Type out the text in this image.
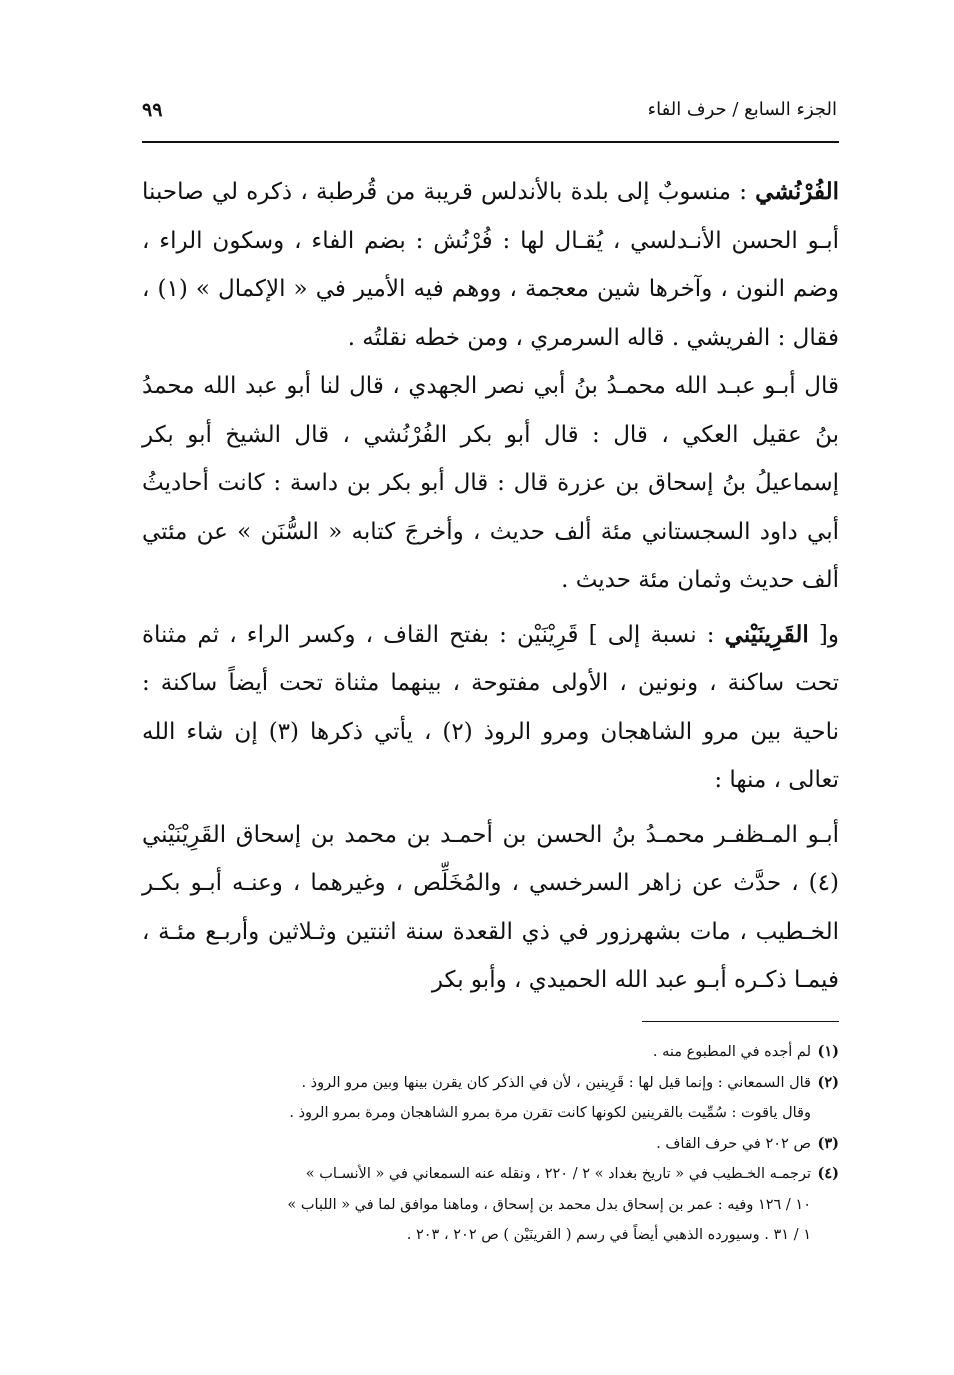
الجزء السابع / حرف الفاء
٩٩

الفُرْنُشي : منسوبٌ إلى بلدة بالأندلس قريبة من قُرطبة ، ذكره لي صاحبنا أبـو الحسن الأنـدلسي ، يُقـال لها : فُرْنُش : بضم الفاء ، وسكون الراء ، وضم النون ، وآخرها شين معجمة ، ووهم فيه الأمير في « الإكمال » (١) ، فقال : الفريشي . قاله السرمري ، ومن خطه نقلتُه .

قال أبـو عبـد الله محمـدُ بنُ أبي نصر الجهدي ، قال لنا أبو عبد الله محمدُ بنُ عقيل العكي ، قال : قال أبو بكر الفُرْنُشي ، قال الشيخ أبو بكر إسماعيلُ بنُ إسحاق بن عزرة قال : قال أبو بكر بن داسة : كانت أحاديثُ أبي داود السجستاني مئة ألف حديث ، وأخرجَ كتابه « السُّنَن » عن مئتي ألف حديث وثمان مئة حديث .

و[ القَرِينَيْني : نسبة إلى ] قَرِيْنَيْن : بفتح القاف ، وكسر الراء ، ثم مثناة تحت ساكنة ، ونونين ، الأولى مفتوحة ، بينهما مثناة تحت أيضاً ساكنة : ناحية بين مرو الشاهجان ومرو الروذ (٢) ، يأتي ذكرها (٣) إن شاء الله تعالى ، منها :

أبـو المـظفـر محمـدُ بنُ الحسن بن أحمـد بن محمد بن إسحاق القَرِيْنَيْني (٤) ، حدَّث عن زاهر السرخسي ، والمُخَلِّص ، وغيرهما ، وعنـه أبـو بكـر الخـطيب ، مات بشهرزور في ذي القعدة سنة اثنتين وثـلاثين وأربـع مئـة ، فيمـا ذكـره أبـو عبد الله الحميدي ، وأبو بكر

(١)لم أجده في المطبوع منه .
(٢)قال السمعاني : وإنما قيل لها : قَرِينين ، لأن في الذكر كان يقرن بينها وبين مرو الروذ .
وقال ياقوت : سُمِّيت بالقرينين لكونها كانت تقرن مرة بمرو الشاهجان ومرة بمرو الروذ .
(٣)ص ٢٠٢ في حرف القاف .
(٤)ترجمـه الخـطيب في « تاريخ بغداد » ٢ / ٢٢٠ ، ونقله عنه السمعاني في « الأنسـاب »
١٠ / ١٢٦ وفيه : عمر بن إسحاق بدل محمد بن إسحاق ، وماهنا موافق لما في « اللباب »
١ / ٣١ . وسيورده الذهبي أيضاً في رسم ( القرينَيْن ) ص ٢٠٢ ، ٢٠٣ .
